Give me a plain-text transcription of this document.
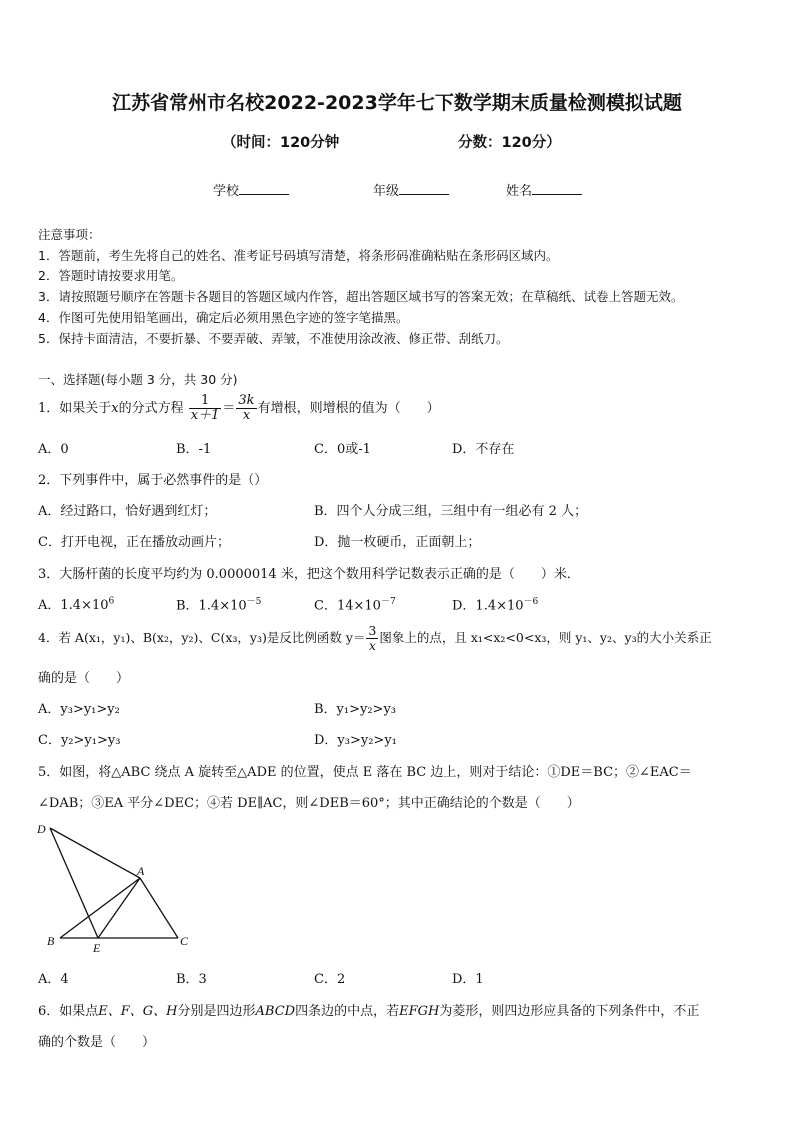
江苏省常州市名校2022-2023学年七下数学期末质量检测模拟试题
（时间：120分钟	分数：120分）
学校	年级	姓名
注意事项：
1．答题前，考生先将自己的姓名、准考证号码填写清楚，将条形码准确粘贴在条形码区域内。
2．答题时请按要求用笔。
3．请按照题号顺序在答题卡各题目的答题区域内作答，超出答题区域书写的答案无效；在草稿纸、试卷上答题无效。
4．作图可先使用铅笔画出，确定后必须用黑色字迹的签字笔描黑。
5．保持卡面清洁，不要折暴、不要弄破、弄皱，不准使用涂改液、修正带、刮纸刀。
一、选择题(每小题 3 分，共 30 分)
1．如果关于x的分式方程 $\frac{1}{x+1} = \frac{3k}{x}$ 有增根，则增根的值为（　　）
A．0	B．-1	C．0或-1	D．不存在
2．下列事件中，属于必然事件的是（）
A．经过路口，恰好遇到红灯；	B．四个人分成三组，三组中有一组必有 2 人；
C．打开电视，正在播放动画片；	D．抛一枚硬币，正面朝上；
3．大肠杆菌的长度平均约为 0.0000014 米，把这个数用科学记数表示正确的是（　　）米．
A．$1.4\times 10^6$	B．$1.4\times 10^{-5}$	C．$14\times 10^{-7}$	D．$1.4\times 10^{-6}$
4．若 A(x₁，y₁)、B(x₂，y₂)、C(x₃，y₃)是反比例函数 $y= \frac{3}{x}$ 图象上的点，且 x₁<x₂<0<x₃，则 y₁、y₂、y₃的大小关系正
确的是（　　）
A．y₃>y₁>y₂	B．y₁>y₂>y₃
C．y₂>y₁>y₃	D．y₃>y₂>y₁
5．如图，将△ABC 绕点 A 旋转至△ADE 的位置，使点 E 落在 BC 边上，则对于结论：①DE＝BC；②∠EAC＝
∠DAB；③EA 平分∠DEC；④若 DE∥AC，则∠DEB＝60°；其中正确结论的个数是（　　）
D
A
B	E	C
A．4	B．3	C．2	D．1
6．如果点E、F、G、H分别是四边形ABCD四条边的中点，若EFGH为菱形，则四边形应具备的下列条件中，不正
确的个数是（　　）
